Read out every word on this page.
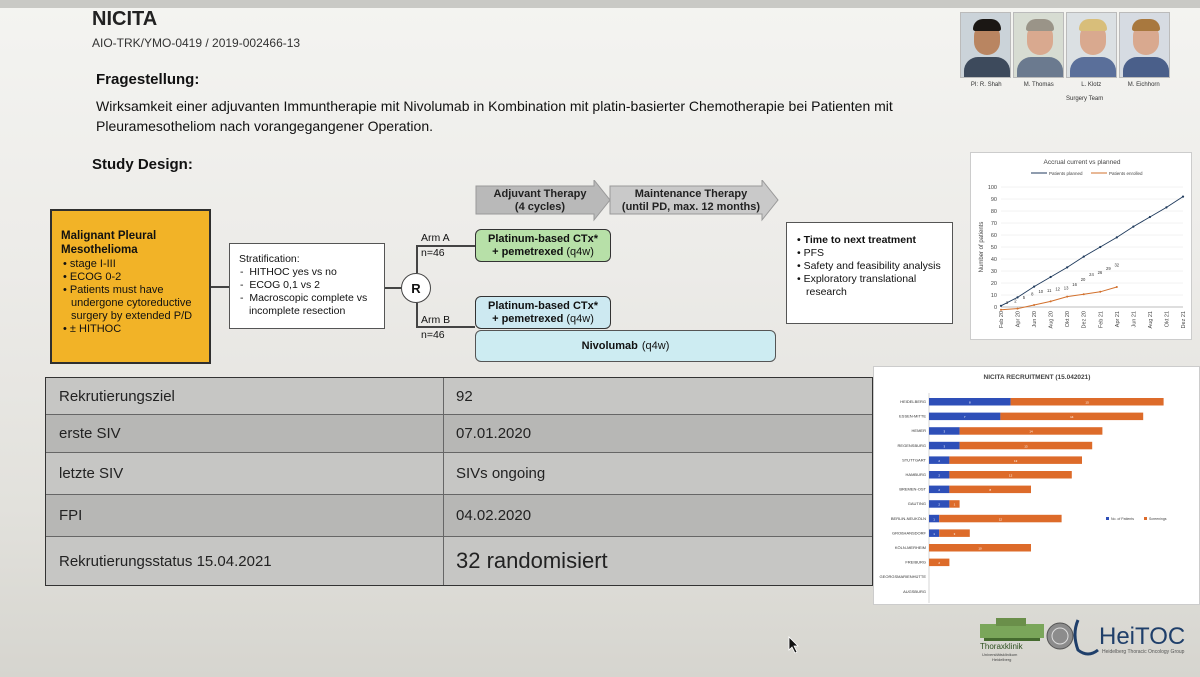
NICITA
AIO-TRK/YMO-0419 / 2019-002466-13
Fragestellung:
Wirksamkeit einer adjuvanten Immuntherapie mit Nivolumab in Kombination mit platin-basierter Chemotherapie bei Patienten mit Pleuramesotheliom nach vorangegangener Operation.
PI: R. Shah	M. Thomas	L. Klotz	M. Eichhorn
Surgery Team
Study Design:
Adjuvant Therapy
(4 cycles)
Maintenance Therapy
(until PD, max. 12 months)
Malignant Pleural Mesothelioma
• stage I-III
• ECOG 0-2
• Patients must have undergone cytoreductive surgery by extended P/D
• ± HITHOC
Stratification:
-  HITHOC yes vs no
-  ECOG 0,1 vs 2
-  Macroscopic complete vs incomplete resection
R
Arm A
n=46
Arm B
n=46
Platinum-based CTx*
+ pemetrexed (q4w)
Platinum-based CTx*
+ pemetrexed (q4w)
Nivolumab (q4w)
• Time to next treatment
• PFS
• Safety and feasibility analysis
• Exploratory translational research
Rekrutierungsziel	92
erste SIV	07.01.2020
letzte SIV	SIVs ongoing
FPI	04.02.2020
Rekrutierungsstatus 15.04.2021	32 randomisiert
Accrual current vs planned
Patients planned	Patients enrolled
0
10
20
30
40
50
60
70
80
90
100
Feb 20 Apr 20 Jun 20 Aug 20 Okt 20 Dez 20 Feb 21 Apr 21 Jun 21 Aug 21 Okt 21 Dez 21
Number of patients
1 2
5
8 10 11 12 13
16
20
24 26
29
32
NICITA RECRUITMENT (15.042021)
HEIDELBERG	8	15
ESSEN-MITTE	7	14
HEMER	3	14
REGENSBURG	3	13
STUTTGART	2	13
HAMBURG	2	12
BREMEN-OST	2	8
GAUTING	2	1
BERLIN-NEUKÖLN 1	12
GROßHANSDORF 1	3
KÖLN-MERHEIM	10
FREIBURG	2
GEORGSMARIENHÜTTE
AUGSBURG
No. of Patients	Screenings
Thoraxklinik
Universitätsklinikum
Heidelberg
HeiTOC
Heidelberg Thoracic Oncology Group
